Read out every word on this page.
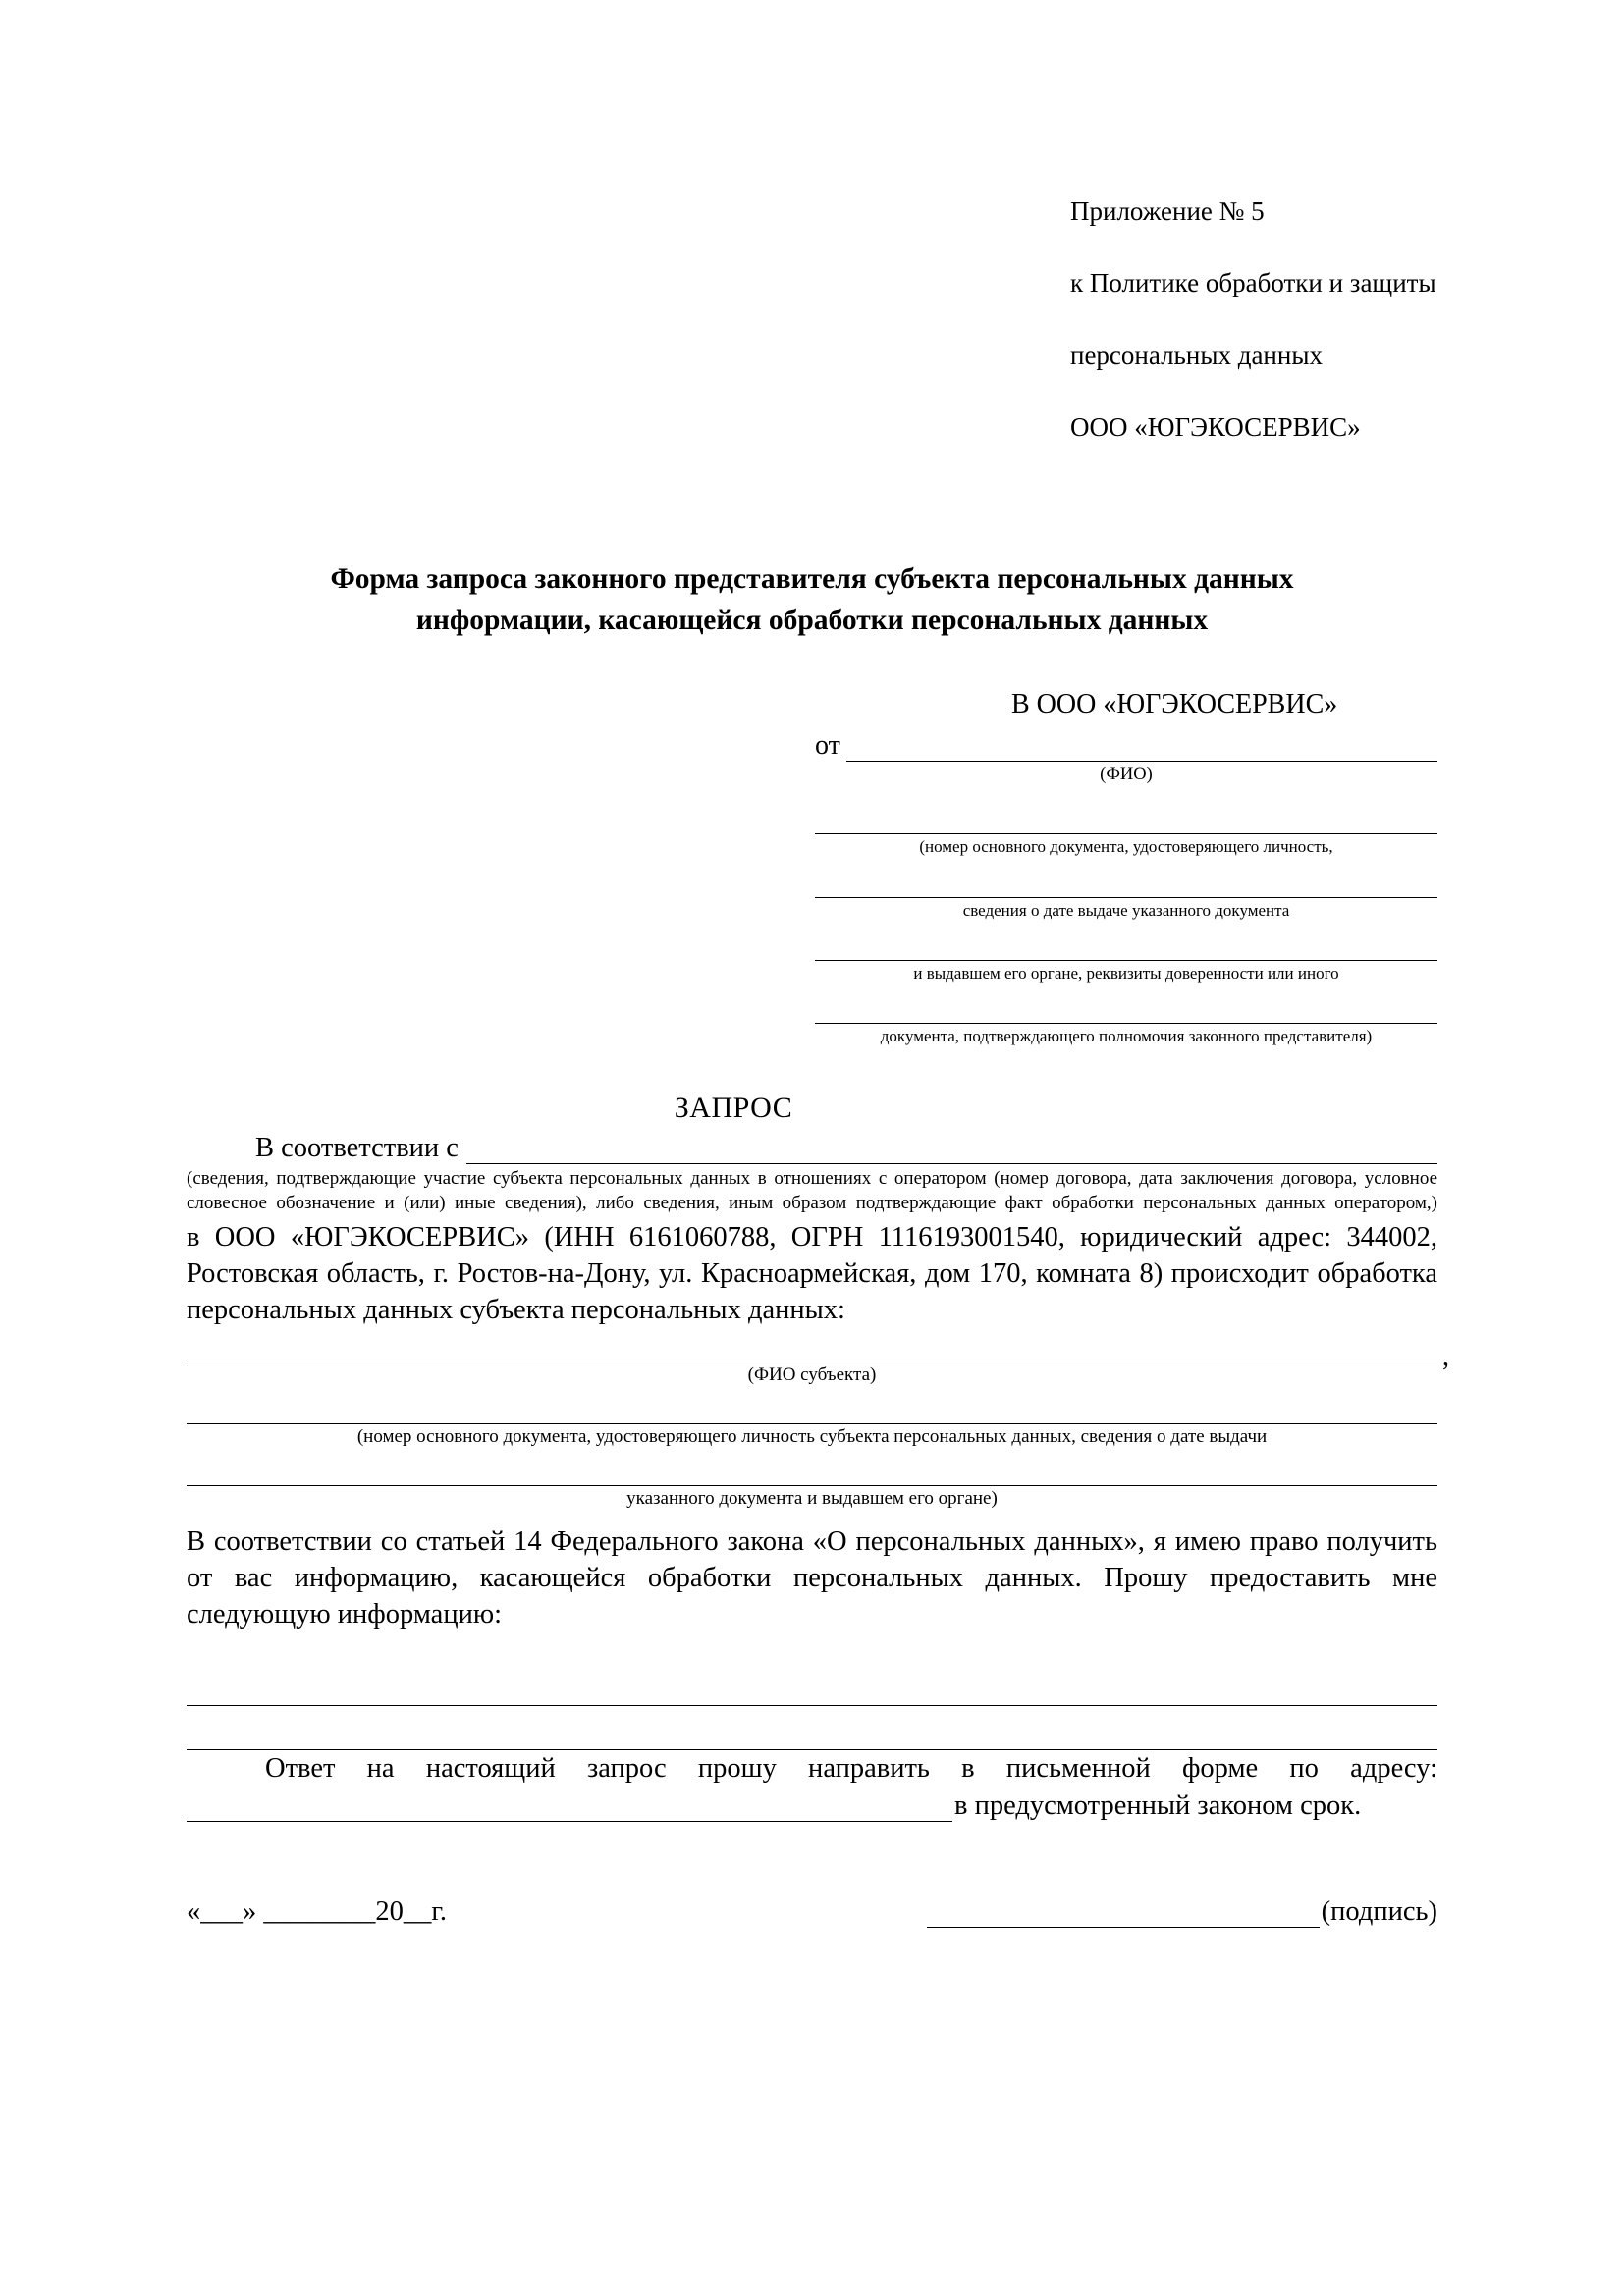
Приложение № 5

к Политике обработки и защиты

персональных данных

ООО «ЮГЭКОСЕРВИС»

Форма запроса законного представителя субъекта персональных данных
информации, касающейся обработки персональных данных
В ООО «ЮГЭКОСЕРВИС»
от
(ФИО)
(номер основного документа, удостоверяющего личность,
сведения о дате выдаче указанного документа
и выдавшем его органе, реквизиты доверенности или иного
документа, подтверждающего полномочия законного представителя)
ЗАПРОС
В соответствии с
(сведения, подтверждающие участие субъекта персональных данных в отношениях с оператором (номер договора, дата заключения договора, условное словесное обозначение и (или) иные сведения), либо сведения, иным образом подтверждающие факт обработки персональных данных оператором,)
в ООО «ЮГЭКОСЕРВИС» (ИНН 6161060788, ОГРН 1116193001540, юридический адрес: 344002, Ростовская область, г. Ростов-на-Дону, ул. Красноармейская, дом 170, комната 8) происходит обработка персональных данных субъекта персональных данных:
,
(ФИО субъекта)
(номер основного документа, удостоверяющего личность субъекта персональных данных, сведения о дате выдачи
указанного документа и выдавшем его органе)
В соответствии со статьей 14 Федерального закона «О персональных данных», я имею право получить от вас информацию, касающейся обработки персональных данных. Прошу предоставить мне следующую информацию:
Ответ на настоящий запрос прошу направить в письменной форме по адресу:
в предусмотренный законом срок.
«___» ________20__г.	(подпись)
